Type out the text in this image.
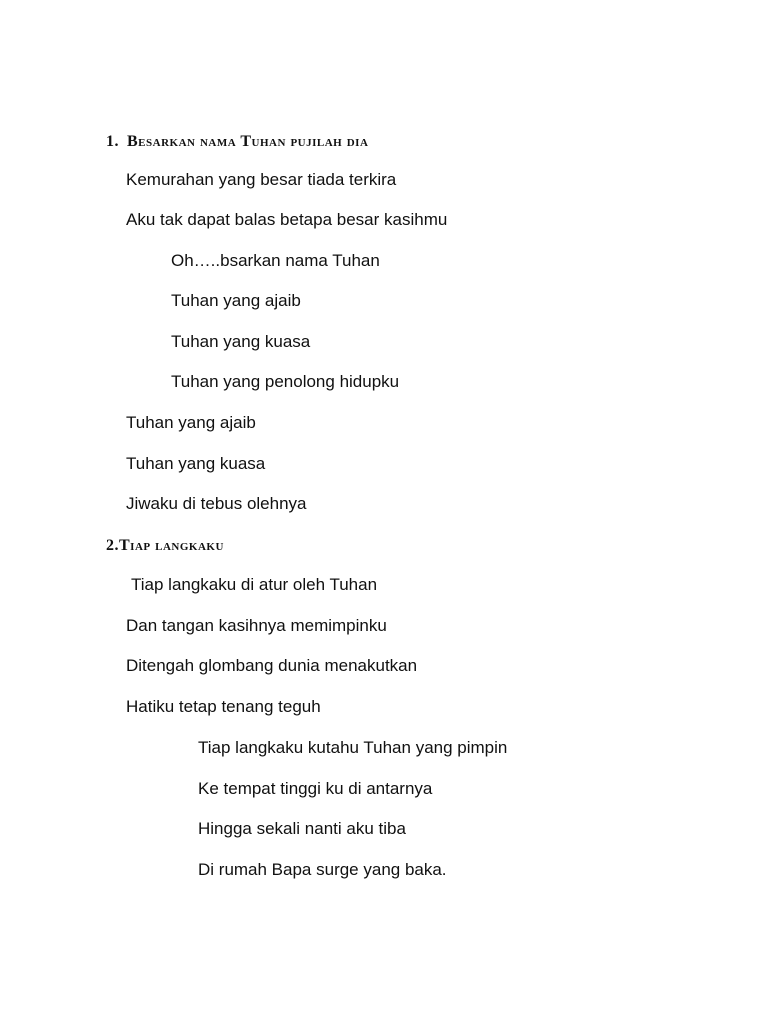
1. Besarkan nama Tuhan pujilah dia
Kemurahan yang besar tiada terkira
Aku tak dapat balas betapa besar kasihmu
Oh…..bsarkan nama Tuhan
Tuhan yang ajaib
Tuhan yang kuasa
Tuhan yang penolong hidupku
Tuhan yang ajaib
Tuhan yang kuasa
Jiwaku di tebus olehnya
2.Tiap langkaku
Tiap langkaku di atur oleh Tuhan
Dan tangan kasihnya memimpinku
Ditengah glombang dunia menakutkan
Hatiku tetap tenang teguh
Tiap langkaku kutahu Tuhan yang pimpin
Ke tempat tinggi ku di antarnya
Hingga sekali nanti aku tiba
Di rumah Bapa surge yang baka.
